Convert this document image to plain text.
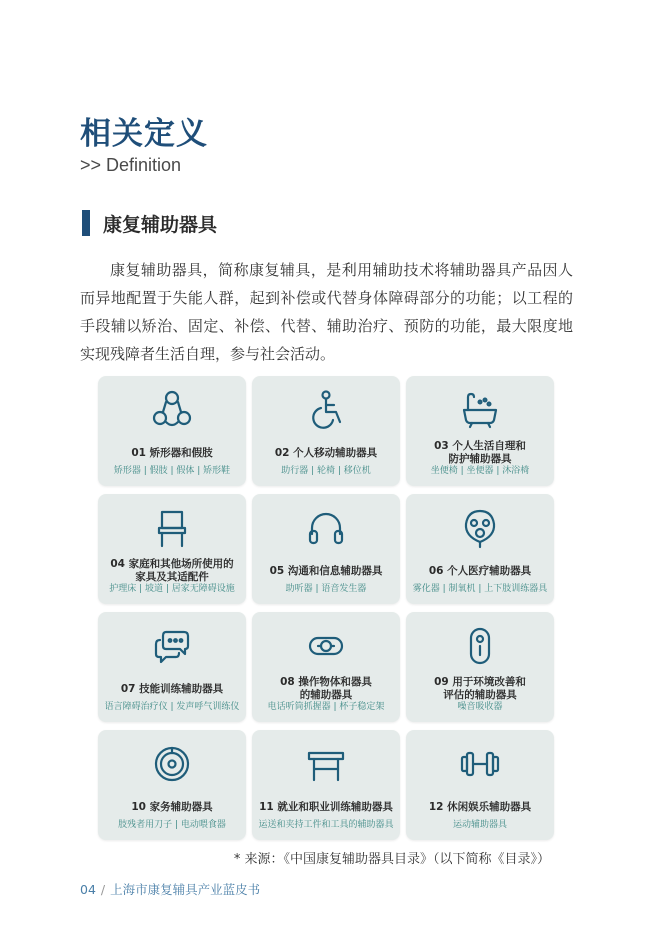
相关定义
>> Definition
康复辅助器具

康复辅助器具，简称康复辅具，是利用辅助技术将辅助器具产品因人而异地配置于失能人群，起到补偿或代替身体障碍部分的功能；以工程的手段辅以矫治、固定、补偿、代替、辅助治疗、预防的功能，最大限度地实现残障者生活自理，参与社会活动。

01 矫形器和假肢
矫形器 | 假肢 | 假体 | 矫形鞋
02 个人移动辅助器具
助行器 | 轮椅 | 移位机
03 个人生活自理和
防护辅助器具
坐便椅 | 坐便器 | 沐浴椅
04 家庭和其他场所使用的
家具及其适配件
护理床 | 坡道 | 居家无障碍设施
05 沟通和信息辅助器具
助听器 | 语音发生器
06 个人医疗辅助器具
雾化器 | 制氧机 | 上下肢训练器具
07 技能训练辅助器具
语言障碍治疗仪 | 发声呼气训练仪
08 操作物体和器具
的辅助器具
电话听筒抓握器 | 杯子稳定架
09 用于环境改善和
评估的辅助器具
噪音吸收器
10 家务辅助器具
肢残者用刀子 | 电动喂食器
11 就业和职业训练辅助器具
运送和夹持工件和工具的辅助器具
12 休闲娱乐辅助器具
运动辅助器具
* 来源：《中国康复辅助器具目录》（以下简称《目录》）
04 / 上海市康复辅具产业蓝皮书
